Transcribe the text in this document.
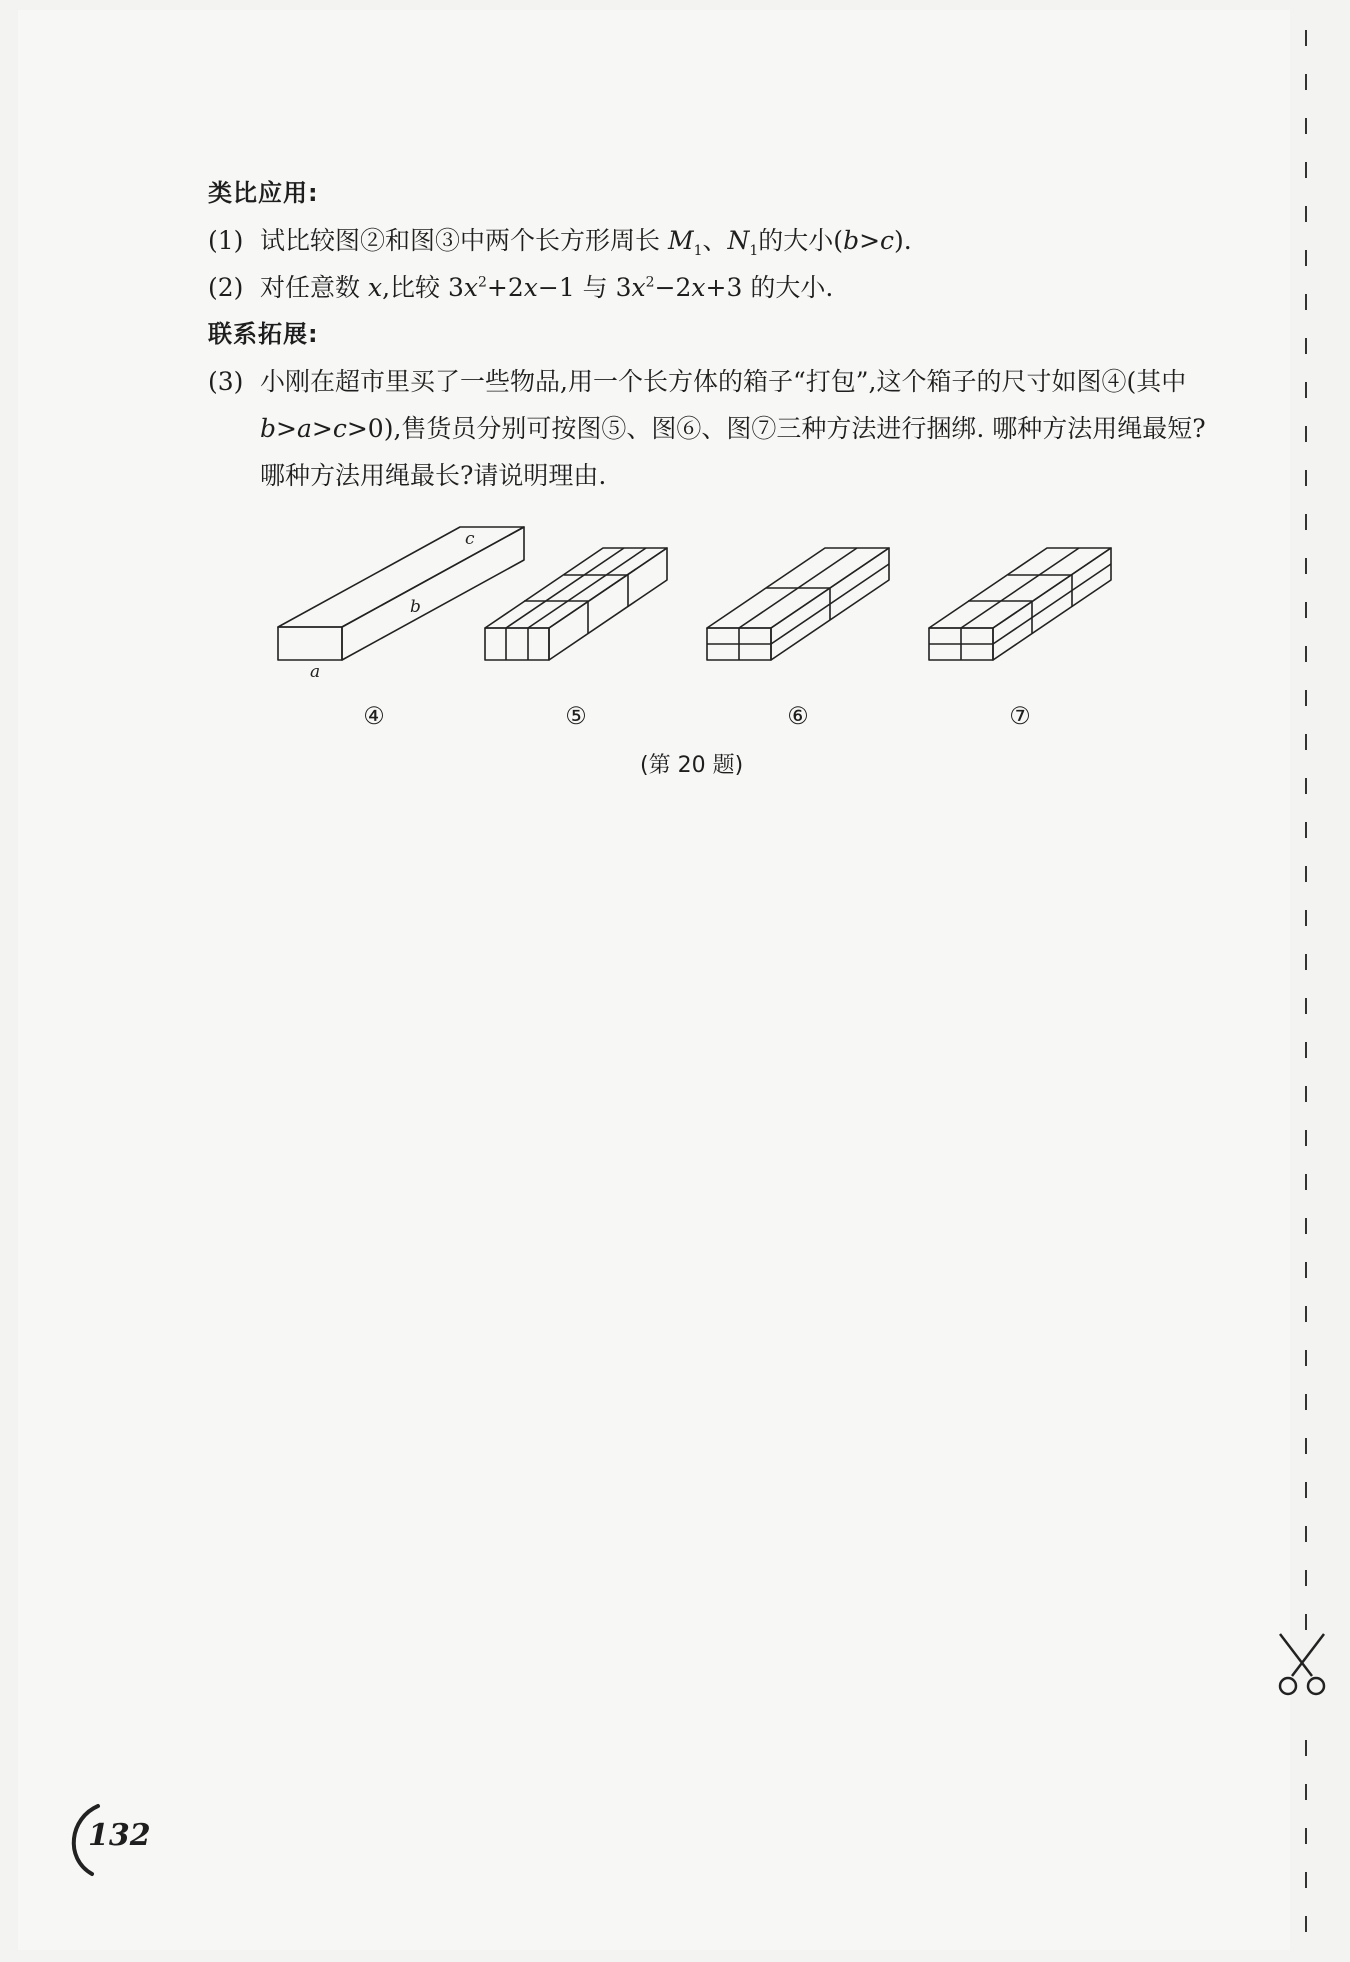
类比应用:
(1) 试比较图②和图③中两个长方形周长 $M_1$、$N_1$的大小(b>c).
(2) 对任意数 x,比较 $3x^2+2x-1$ 与 $3x^2-2x+3$ 的大小.
联系拓展:
(3) 小刚在超市里买了一些物品,用一个长方体的箱子“打包”,这个箱子的尺寸如图④(其中 b>a>c>0),售货员分别可按图⑤、图⑥、图⑦三种方法进行捆绑. 哪种方法用绳最短?哪种方法用绳最长?请说明理由.
a
b
c
④	⑤	⑥	⑦
(第 20 题)
132
